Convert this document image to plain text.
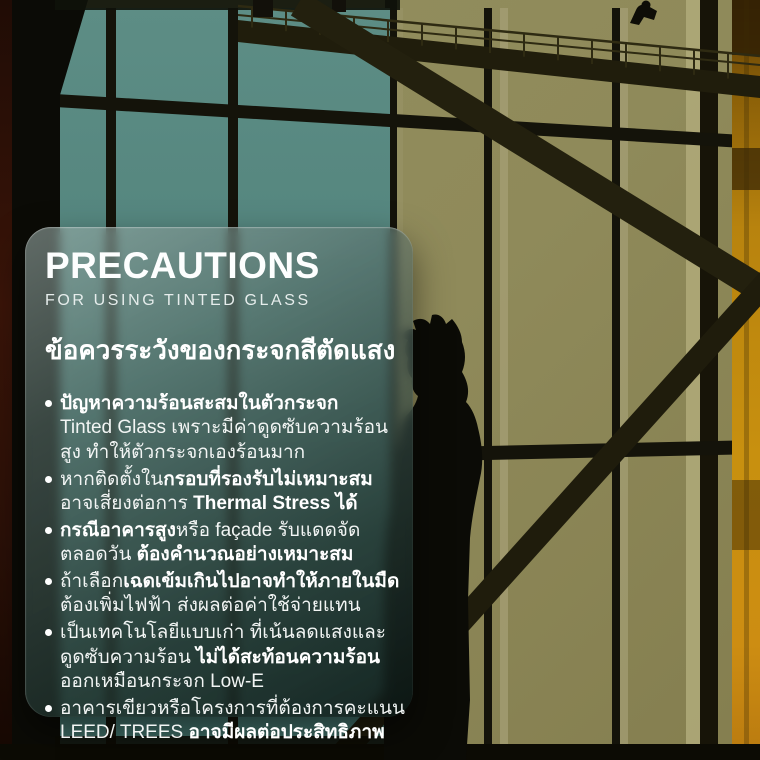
PRECAUTIONS
FOR USING TINTED GLASS
ข้อควรระวังของกระจกสีตัดแสง
ปัญหาความร้อนสะสมในตัวกระจก
Tinted Glass เพราะมีค่าดูดซับความร้อน
สูง ทำให้ตัวกระจกเองร้อนมาก
หากติดตั้งในกรอบที่รองรับไม่เหมาะสม
อาจเสี่ยงต่อการ Thermal Stress ได้
กรณีอาคารสูงหรือ façade รับแดดจัด
ตลอดวัน ต้องคำนวณอย่างเหมาะสม
ถ้าเลือกเฉดเข้มเกินไปอาจทำให้ภายในมืด
ต้องเพิ่มไฟฟ้า ส่งผลต่อค่าใช้จ่ายแทน
เป็นเทคโนโลยีแบบเก่า ที่เน้นลดแสงและ
ดูดซับความร้อน ไม่ได้สะท้อนความร้อน
ออกเหมือนกระจก Low-E
อาคารเขียวหรือโครงการที่ต้องการคะแนน
LEED/ TREES อาจมีผลต่อประสิทธิภาพ
